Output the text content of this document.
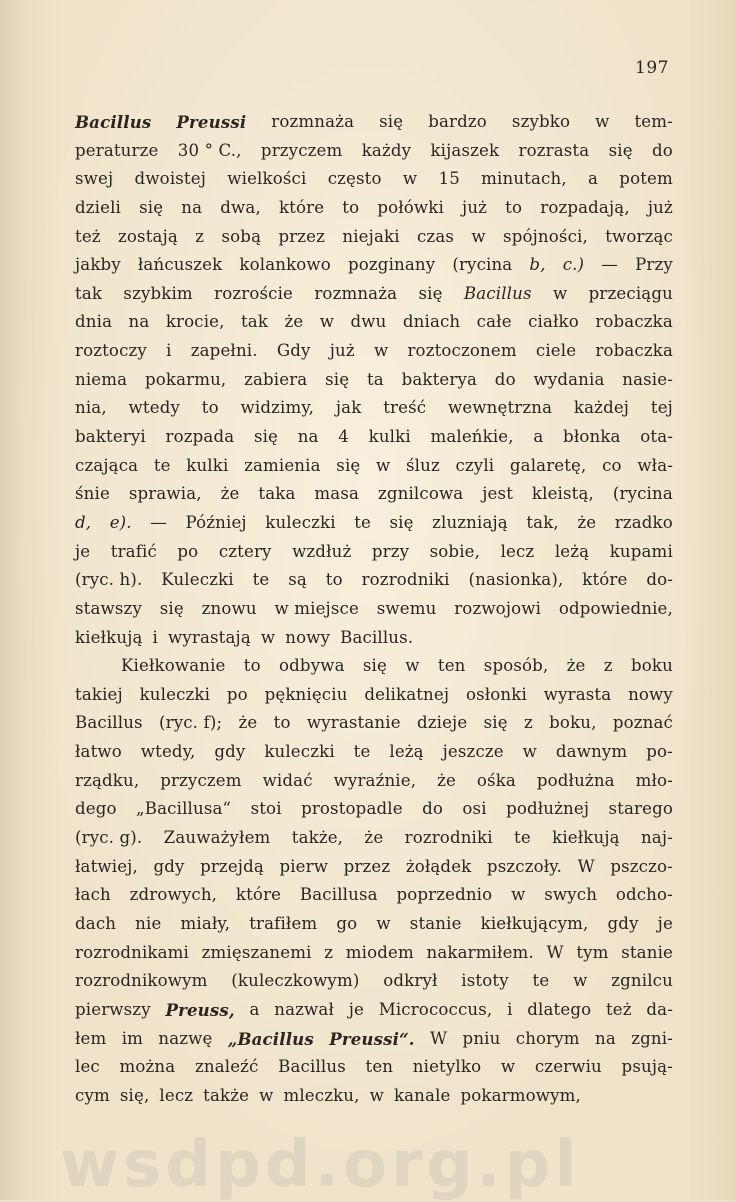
197

Bacillus Preussi rozmnaża się bardzo szybko w tem-
peraturze 30 ° C., przyczem każdy kijaszek rozrasta się do
swej dwoistej wielkości często w 15 minutach, a potem
dzieli się na dwa, które to połówki już to rozpadają, już
też zostają z sobą przez niejaki czas w spójności, tworząc
jakby łańcuszek kolankowo pozginany (rycina b, c.) — Przy
tak szybkim rozroście rozmnaża się Bacillus w przeciągu
dnia na krocie, tak że w dwu dniach całe ciałko robaczka
roztoczy i zapełni. Gdy już w roztoczonem ciele robaczka
niema pokarmu, zabiera się ta bakterya do wydania nasie-
nia, wtedy to widzimy, jak treść wewnętrzna każdej tej
bakteryi rozpada się na 4 kulki maleńkie, a błonka ota-
czająca te kulki zamienia się w śluz czyli galaretę, co wła-
śnie sprawia, że taka masa zgnilcowa jest kleistą, (rycina
d, e). — Później kuleczki te się zluzniają tak, że rzadko
je trafić po cztery wzdłuż przy sobie, lecz leżą kupami
(ryc. h). Kuleczki te są to rozrodniki (nasionka), które do-
stawszy się znowu w miejsce swemu rozwojowi odpowiednie,
kiełkują i wyrastają w nowy Bacillus.
Kiełkowanie to odbywa się w ten sposób, że z boku
takiej kuleczki po pęknięciu delikatnej osłonki wyrasta nowy
Bacillus (ryc. f); że to wyrastanie dzieje się z boku, poznać
łatwo wtedy, gdy kuleczki te leżą jeszcze w dawnym po-
rządku, przyczem widać wyraźnie, że ośka podłużna mło-
dego „Bacillusa“ stoi prostopadle do osi podłużnej starego
(ryc. g). Zauważyłem także, że rozrodniki te kiełkują naj-
łatwiej, gdy przejdą pierw przez żołądek pszczoły. W pszczo-
łach zdrowych, które Bacillusa poprzednio w swych odcho-
dach nie miały, trafiłem go w stanie kiełkującym, gdy je
rozrodnikami zmięszanemi z miodem nakarmiłem. W tym stanie
rozrodnikowym (kuleczkowym) odkrył istoty te w zgnilcu
pierwszy Preuss, a nazwał je Micrococcus, i dlatego też da-
łem im nazwę „Bacillus Preussi“. W pniu chorym na zgni-
lec można znaleźć Bacillus ten nietylko w czerwiu psują-
cym się, lecz także w mleczku, w kanale pokarmowym,
wsdpd.org.pl
